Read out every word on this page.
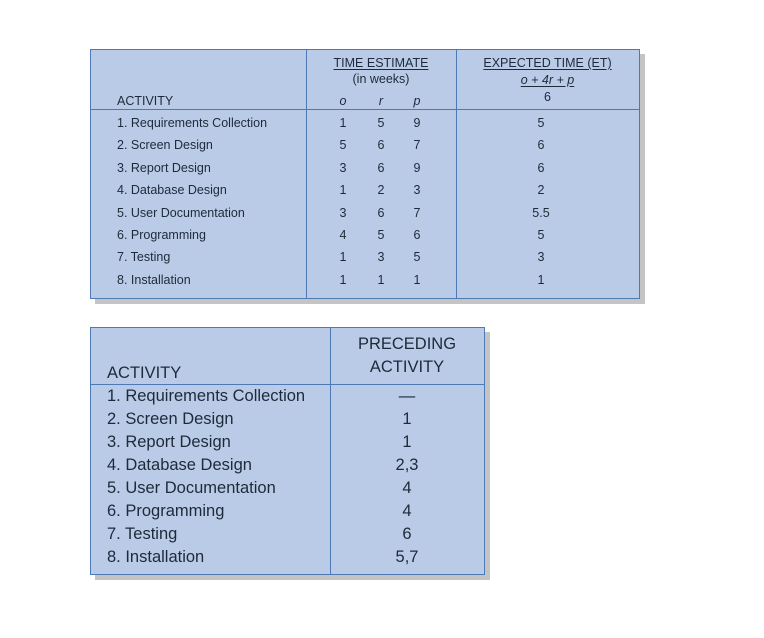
ACTIVITY
TIME ESTIMATE
(in weeks)
o	r	p
EXPECTED TIME (ET)
o + 4r + p
6
1. Requirements Collection	1	5	9	5
2. Screen Design	5	6	7	6
3. Report Design	3	6	9	6
4. Database Design	1	2	3	2
5. User Documentation	3	6	7	5.5
6. Programming	4	5	6	5
7. Testing	1	3	5	3
8. Installation	1	1	1	1
ACTIVITY
PRECEDING
ACTIVITY
1. Requirements Collection	—
2. Screen Design	1
3. Report Design	1
4. Database Design	2,3
5. User Documentation	4
6. Programming	4
7. Testing	6
8. Installation	5,7
